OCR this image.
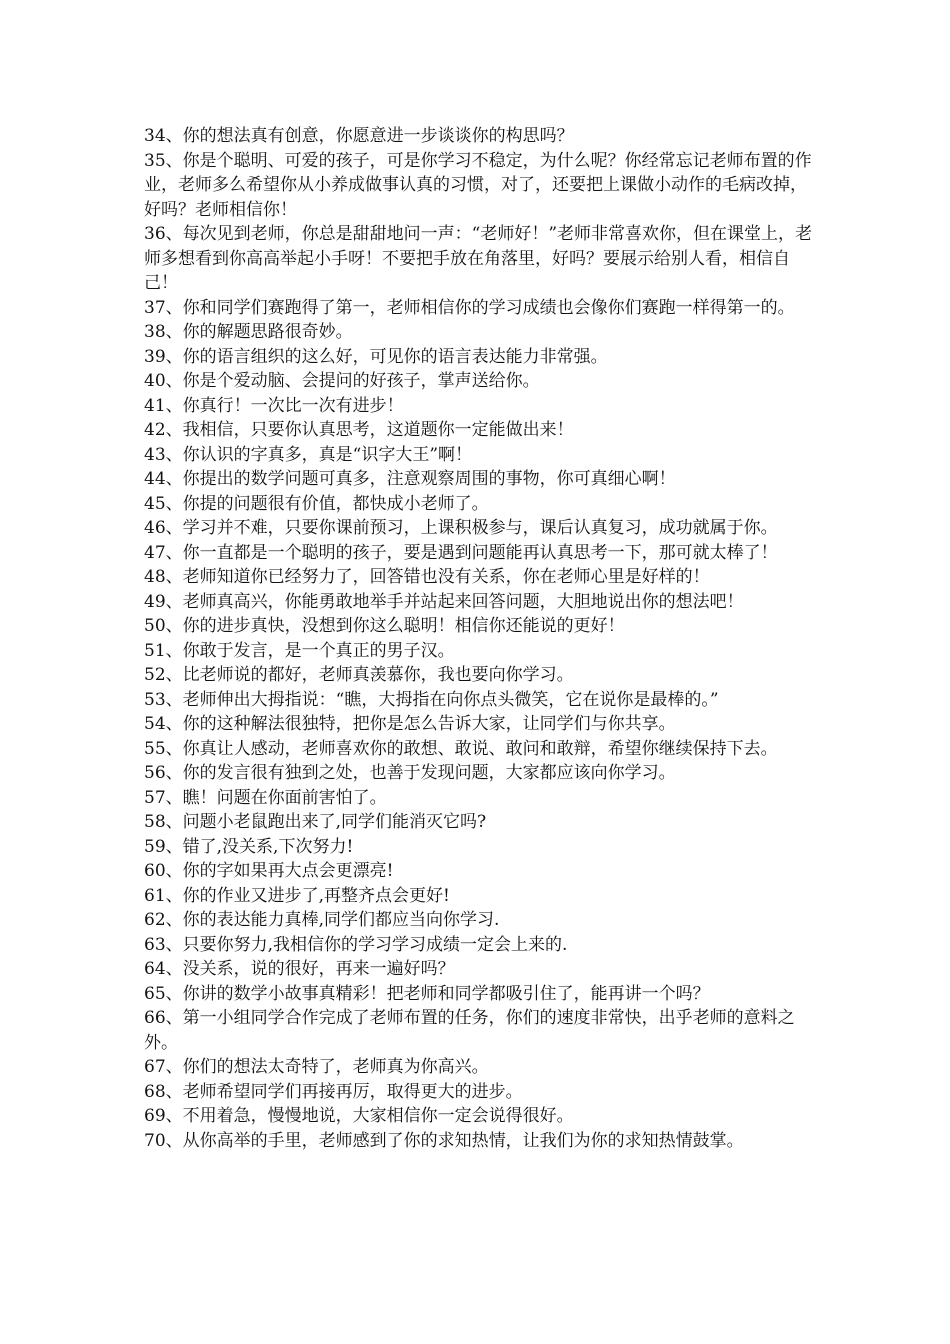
34、你的想法真有创意，你愿意进一步谈谈你的构思吗？

35、你是个聪明、可爱的孩子，可是你学习不稳定，为什么呢？你经常忘记老师布置的作业，老师多么希望你从小养成做事认真的习惯，对了，还要把上课做小动作的毛病改掉，好吗？老师相信你！

36、每次见到老师，你总是甜甜地问一声：“老师好！”老师非常喜欢你，但在课堂上，老　师多想看到你高高举起小手呀！不要把手放在角落里，好吗？要展示给别人看，相信自己！

37、你和同学们赛跑得了第一，老师相信你的学习成绩也会像你们赛跑一样得第一的。

38、你的解题思路很奇妙。

39、你的语言组织的这么好，可见你的语言表达能力非常强。

40、你是个爱动脑、会提问的好孩子，掌声送给你。

41、你真行！一次比一次有进步！

42、我相信，只要你认真思考，这道题你一定能做出来！

43、你认识的字真多，真是“识字大王”啊！

44、你提出的数学问题可真多，注意观察周围的事物，你可真细心啊！

45、你提的问题很有价值，都快成小老师了。

46、学习并不难，只要你课前预习，上课积极参与，课后认真复习，成功就属于你。

47、你一直都是一个聪明的孩子，要是遇到问题能再认真思考一下，那可就太棒了！

48、老师知道你已经努力了，回答错也没有关系，你在老师心里是好样的！

49、老师真高兴，你能勇敢地举手并站起来回答问题，大胆地说出你的想法吧！

50、你的进步真快，没想到你这么聪明！相信你还能说的更好！

51、你敢于发言，是一个真正的男子汉。

52、比老师说的都好，老师真羡慕你，我也要向你学习。

53、老师伸出大拇指说：“瞧，大拇指在向你点头微笑，它在说你是最棒的。”

54、你的这种解法很独特，把你是怎么告诉大家，让同学们与你共享。

55、你真让人感动，老师喜欢你的敢想、敢说、敢问和敢辩，希望你继续保持下去。

56、你的发言很有独到之处，也善于发现问题，大家都应该向你学习。

57、瞧！问题在你面前害怕了。

58、问题小老鼠跑出来了,同学们能消灭它吗?

59、错了,没关系,下次努力!

60、你的字如果再大点会更漂亮!

61、你的作业又进步了,再整齐点会更好!

62、你的表达能力真棒,同学们都应当向你学习.

63、只要你努力,我相信你的学习学习成绩一定会上来的.

64、没关系，说的很好，再来一遍好吗？

65、你讲的数学小故事真精彩！把老师和同学都吸引住了，能再讲一个吗？

66、第一小组同学合作完成了老师布置的任务，你们的速度非常快，出乎老师的意料之外。

67、你们的想法太奇特了，老师真为你高兴。

68、老师希望同学们再接再厉，取得更大的进步。

69、不用着急，慢慢地说，大家相信你一定会说得很好。

70、从你高举的手里，老师感到了你的求知热情，让我们为你的求知热情鼓掌。
